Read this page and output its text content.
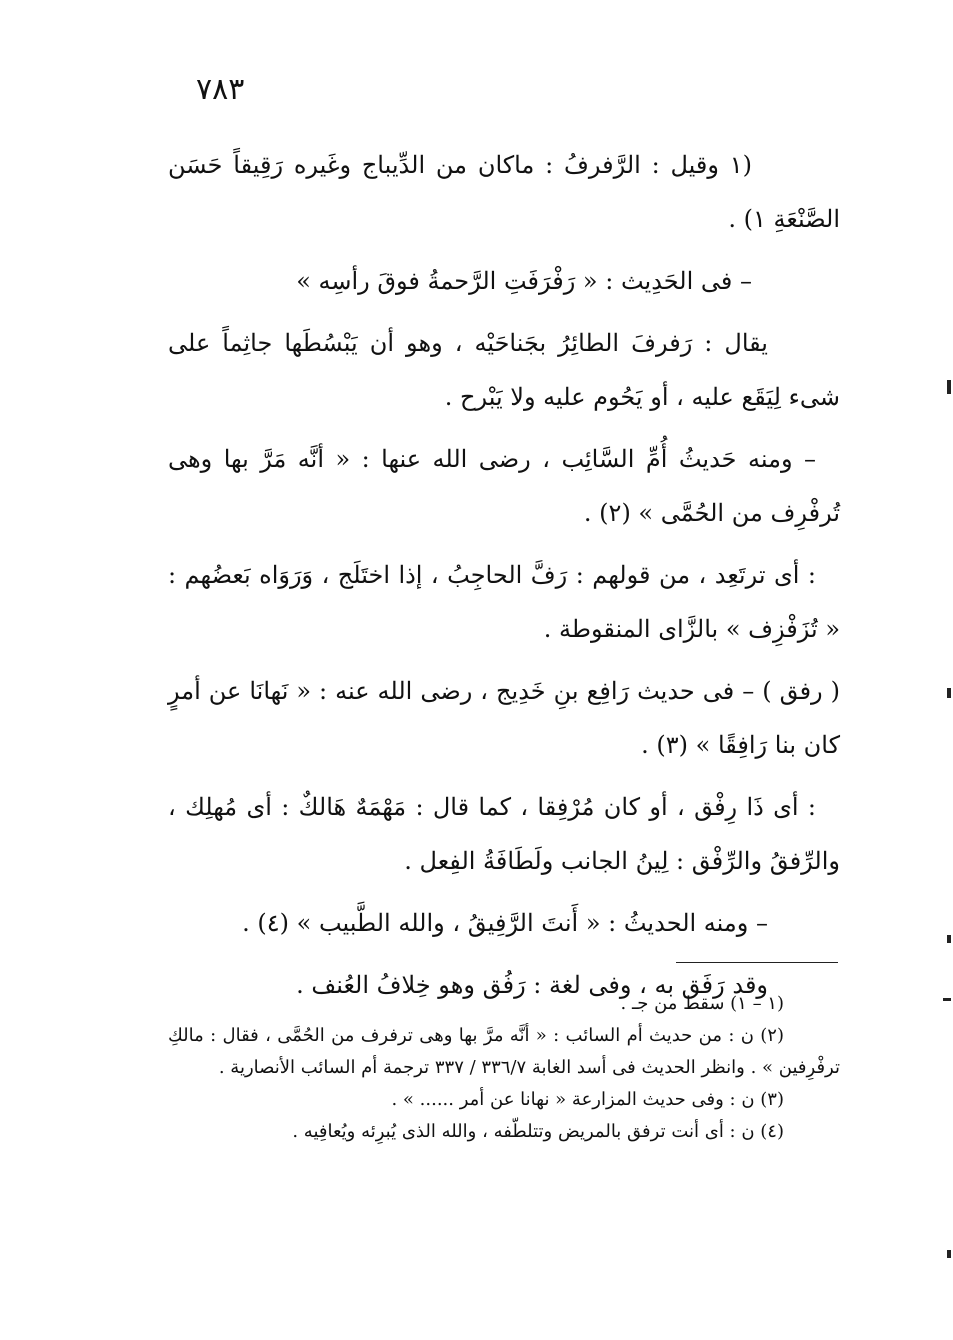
٧٨٣

(١ وقيل : الرَّفرفُ : ماكان من الدِّيباج وغَيره رَقِيقاً حَسَن الصَّنْعَةِ ١) .

– فى الحَدِيث : « رَفْرَفَتِ الرَّحمةُ فوقَ رأسِه »

يقال : رَفرفَ الطائِرُ بجَناحَيْه ، وهو أن يَبْسُطَها جاثِماً على شىء لِيَقَع عليه ، أو يَحُوم عليه ولا يَبْرح .

– ومنه حَديثُ أُمِّ السَّائِب ، رضى الله عنها : « أنَّه مَرَّ بها وهى تُرفْرِف من الحُمَّى » (٢) .

: أى ترتَعِد ، من قولهم : رَفَّ الحاجِبُ ، إذا اختَلَج ، وَرَوَاه بَعضُهم : « تُزَفْزِف » بالزَّاى المنقوطة .

( رفق ) – فى حديث رَافِع بنِ خَدِيج ، رضى الله عنه : « نَهانَا عن أمرٍ كان بنا رَافِقًا » (٣) .

: أى ذَا رِفْق ، أو كان مُرْفِقا ، كما قال : مَهْمَهٌ هَالكٌ : أى مُهلِك ، والرِّفقُ والرِّفْق : لِينُ الجانب ولَطَافَةُ الفِعل .

– ومنه الحديثُ : « أَنتَ الرَّفِيقُ ، والله الطَّبيب » (٤) .

وقد رَفَق به ، وفى لغة : رَفُق وهو خِلافُ العُنف .

(١ – ١) سقط من جـ .

(٢) ن : من حديث أم السائب : « أنَّه مرَّ بها وهى ترفرف من الحُمَّى ، فقال : مالكِ ترفْرِفين » . وانظر الحديث فى أسد الغابة ٣٣٦/٧ / ٣٣٧ ترجمة أم السائب الأنصارية .

(٣) ن : وفى حديث المزارعة « نهانا عن أمر ...... » .

(٤) ن : أى أنت ترفق بالمريض وتتلطّفه ، والله الذى يُبرِئه ويُعافِيه .
